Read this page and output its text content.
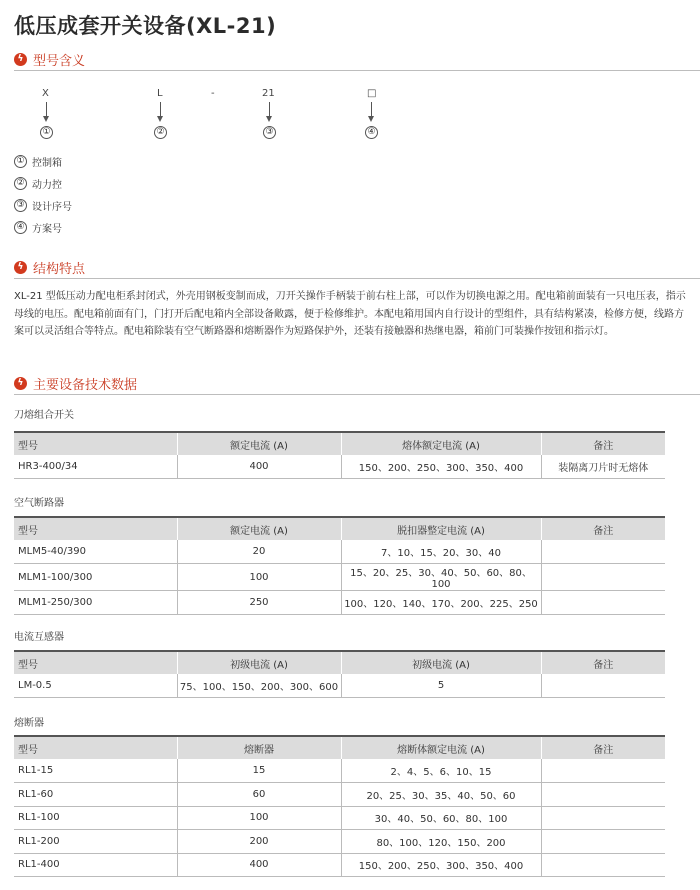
低压成套开关设备(XL-21)
ϟ 型号含义
X	L	-	21	□
①	②	③	④
① 控制箱
② 动力控
③ 设计序号
④ 方案号
ϟ 结构特点
XL-21 型低压动力配电柜系封闭式，外壳用钢板变制而成，刀开关操作手柄装于前右柱上部，可以作为切换电源之用。配电箱前面装有一只电压表，指示
母线的电压。配电箱前面有门，门打开后配电箱内全部设备敞露，便于检修维护。本配电箱用国内自行设计的型组件，具有结构紧凑，检修方便，线路方
案可以灵活组合等特点。配电箱除装有空气断路器和熔断器作为短路保护外，还装有接触器和热继电器，箱前门可装操作按钮和指示灯。
ϟ 主要设备技术数据
刀熔组合开关
型号	额定电流 (A)	熔体额定电流 (A)	备注
HR3-400/34	400	150、200、250、300、350、400	装隔离刀片时无熔体
空气断路器
型号	额定电流 (A)	脱扣器整定电流 (A)	备注
MLM5-40/390	20	7、10、15、20、30、40	
MLM1-100/300	100	15、20、25、30、40、50、60、80、100	
MLM1-250/300	250	100、120、140、170、200、225、250	
电流互感器
型号	初级电流 (A)	初级电流 (A)	备注
LM-0.5	75、100、150、200、300、600	5	
熔断器
型号	熔断器	熔断体额定电流 (A)	备注
RL1-15	15	2、4、5、6、10、15	
RL1-60	60	20、25、30、35、40、50、60	
RL1-100	100	30、40、50、60、80、100	
RL1-200	200	80、100、120、150、200	
RL1-400	400	150、200、250、300、350、400	
